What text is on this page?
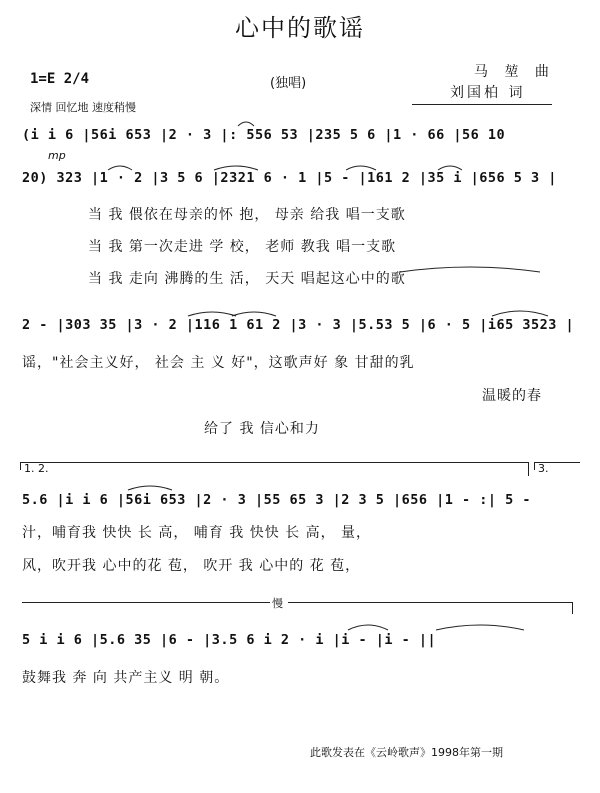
心中的歌谣
1=E 2/4	(独唱)
马 堃 曲
刘国柏 词
深情 回忆地 速度稍慢
(i i 6 |56i 653 |2 · 3 |: 556 53 |235 5 6 |1 · 66 |56 10
mp
20) 323 |1 · 2 |3 5 6 |2321 6 · 1 |5 - |161 2 |35 i |656 5 3 |
当 我 偎依在母亲的怀 抱， 母亲 给我 唱一支歌
当 我 第一次走进 学 校， 老师 教我 唱一支歌
当 我 走向 沸腾的生 活， 天天 唱起这心中的歌
2 - |303 35 |3 · 2 |116 1 61 2 |3 · 3 |5.53 5 |6 · 5 |i65 3523 |
谣，"社会主义好， 社会 主 义 好"，这歌声好 象 甘甜的乳
温暖的春
给了 我 信心和力
1. 2.	3.
5.6 |i i 6 |56i 653 |2 · 3 |55 65 3 |2 3 5 |656 |1 - :| 5 -
汁，哺育我 快快 长 高， 哺育 我 快快 长 高， 量，
风，吹开我 心中的花 苞， 吹开 我 心中的 花 苞，
慢
5 i i 6 |5.6 35 |6 - |3.5 6 i 2 · i |i - |i - ||
鼓舞我 奔 向 共产主义 明 朝。
此歌发表在《云岭歌声》1998年第一期
